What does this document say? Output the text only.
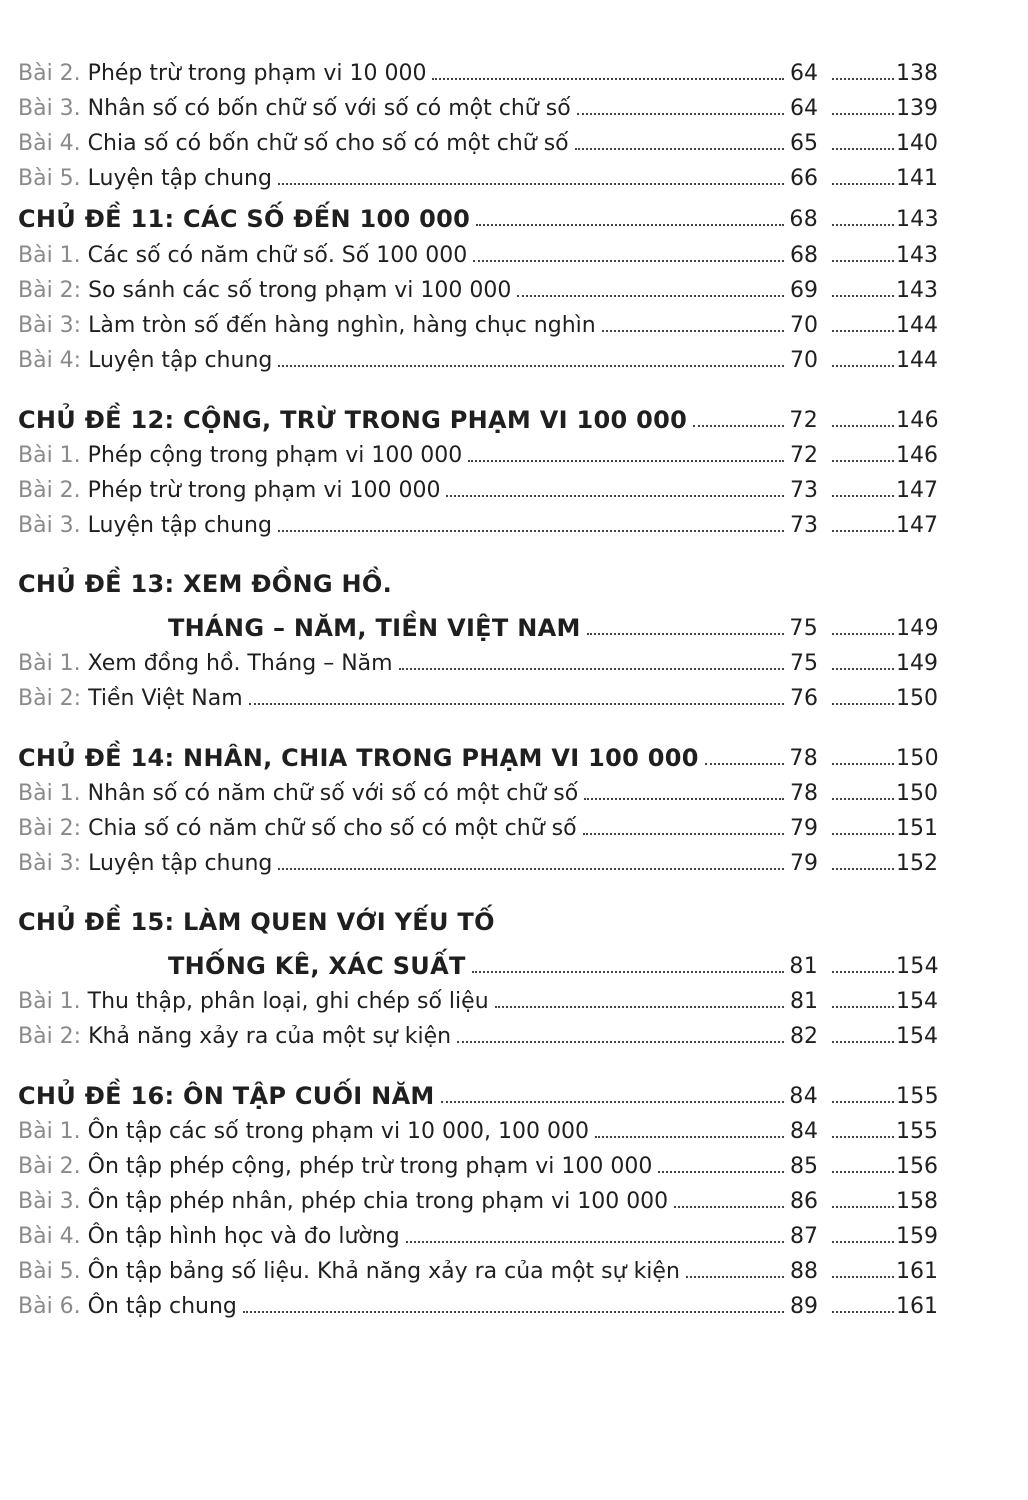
Bài 2. Phép trừ trong phạm vi 10 000	64	138
Bài 3. Nhân số có bốn chữ số với số có một chữ số	64	139
Bài 4. Chia số có bốn chữ số cho số có một chữ số	65	140
Bài 5. Luyện tập chung	66	141
CHỦ ĐỀ 11: CÁC SỐ ĐẾN 100 000	68	143
Bài 1. Các số có năm chữ số. Số 100 000	68	143
Bài 2: So sánh các số trong phạm vi 100 000	69	143
Bài 3: Làm tròn số đến hàng nghìn, hàng chục nghìn	70	144
Bài 4: Luyện tập chung	70	144
CHỦ ĐỀ 12: CỘNG, TRỪ TRONG PHẠM VI 100 000	72	146
Bài 1. Phép cộng trong phạm vi 100 000	72	146
Bài 2. Phép trừ trong phạm vi 100 000	73	147
Bài 3. Luyện tập chung	73	147
CHỦ ĐỀ 13: XEM ĐỒNG HỒ.
THÁNG – NĂM, TIỀN VIỆT NAM	75	149
Bài 1. Xem đồng hồ. Tháng – Năm	75	149
Bài 2: Tiền Việt Nam	76	150
CHỦ ĐỀ 14: NHÂN, CHIA TRONG PHẠM VI 100 000	78	150
Bài 1. Nhân số có năm chữ số với số có một chữ số	78	150
Bài 2: Chia số có năm chữ số cho số có một chữ số	79	151
Bài 3: Luyện tập chung	79	152
CHỦ ĐỀ 15: LÀM QUEN VỚI YẾU TỐ
THỐNG KÊ, XÁC SUẤT	81	154
Bài 1. Thu thập, phân loại, ghi chép số liệu	81	154
Bài 2: Khả năng xảy ra của một sự kiện	82	154
CHỦ ĐỀ 16: ÔN TẬP CUỐI NĂM	84	155
Bài 1. Ôn tập các số trong phạm vi 10 000, 100 000	84	155
Bài 2. Ôn tập phép cộng, phép trừ trong phạm vi 100 000	85	156
Bài 3. Ôn tập phép nhân, phép chia trong phạm vi 100 000	86	158
Bài 4. Ôn tập hình học và đo lường	87	159
Bài 5. Ôn tập bảng số liệu. Khả năng xảy ra của một sự kiện	88	161
Bài 6. Ôn tập chung	89	161
